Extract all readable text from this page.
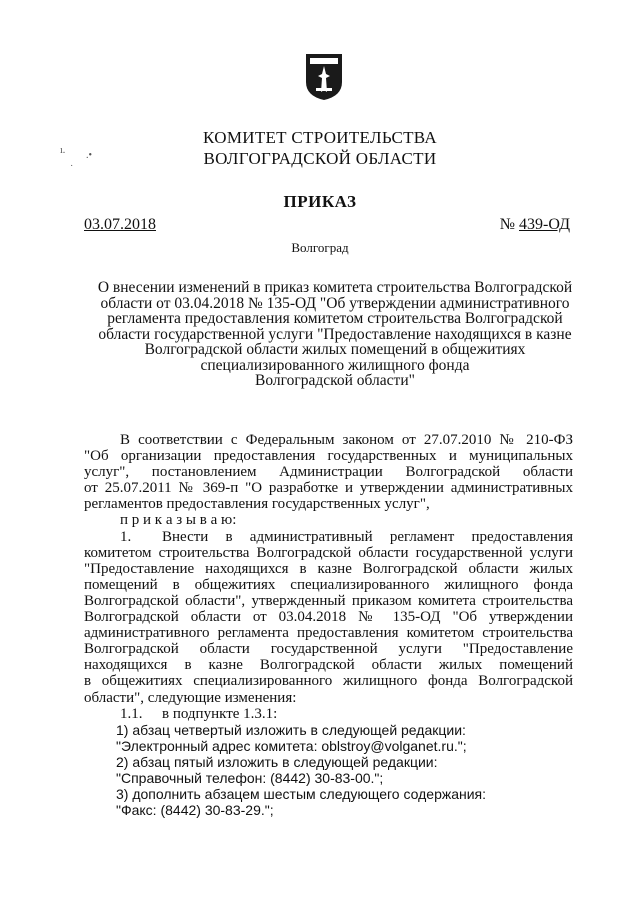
ı. .•
˙
КОМИТЕТ СТРОИТЕЛЬСТВА
ВОЛГОГРАДСКОЙ ОБЛАСТИ
ПРИКАЗ
03.07.2018	№ 439-ОД
Волгоград
О внесении изменений в приказ комитета строительства Волгоградской
области от 03.04.2018 № 135-ОД "Об утверждении административного
регламента предоставления комитетом строительства Волгоградской
области государственной услуги "Предоставление находящихся в казне
Волгоградской области жилых помещений в общежитиях
специализированного жилищного фонда
Волгоградской области"
В соответствии с Федеральным законом от 27.07.2010 № 210-ФЗ
"Об организации предоставления государственных и муниципальных
услуг", постановлением Администрации Волгоградской области
от 25.07.2011 № 369-п "О разработке и утверждении административных
регламентов предоставления государственных услуг",
п р и к а з ы в а ю:
1. Внести в административный регламент предоставления
комитетом строительства Волгоградской области государственной услуги
"Предоставление находящихся в казне Волгоградской области жилых
помещений в общежитиях специализированного жилищного фонда
Волгоградской области", утвержденный приказом комитета строительства
Волгоградской области от 03.04.2018 № 135-ОД "Об утверждении
административного регламента предоставления комитетом строительства
Волгоградской области государственной услуги "Предоставление
находящихся в казне Волгоградской области жилых помещений
в общежитиях специализированного жилищного фонда Волгоградской
области", следующие изменения:
1.1. в подпункте 1.3.1:
1) абзац четвертый изложить в следующей редакции:
"Электронный адрес комитета: oblstroy@volganet.ru.";
2) абзац пятый изложить в следующей редакции:
"Справочный телефон: (8442) 30-83-00.";
3) дополнить абзацем шестым следующего содержания:
"Факс: (8442) 30-83-29.";
